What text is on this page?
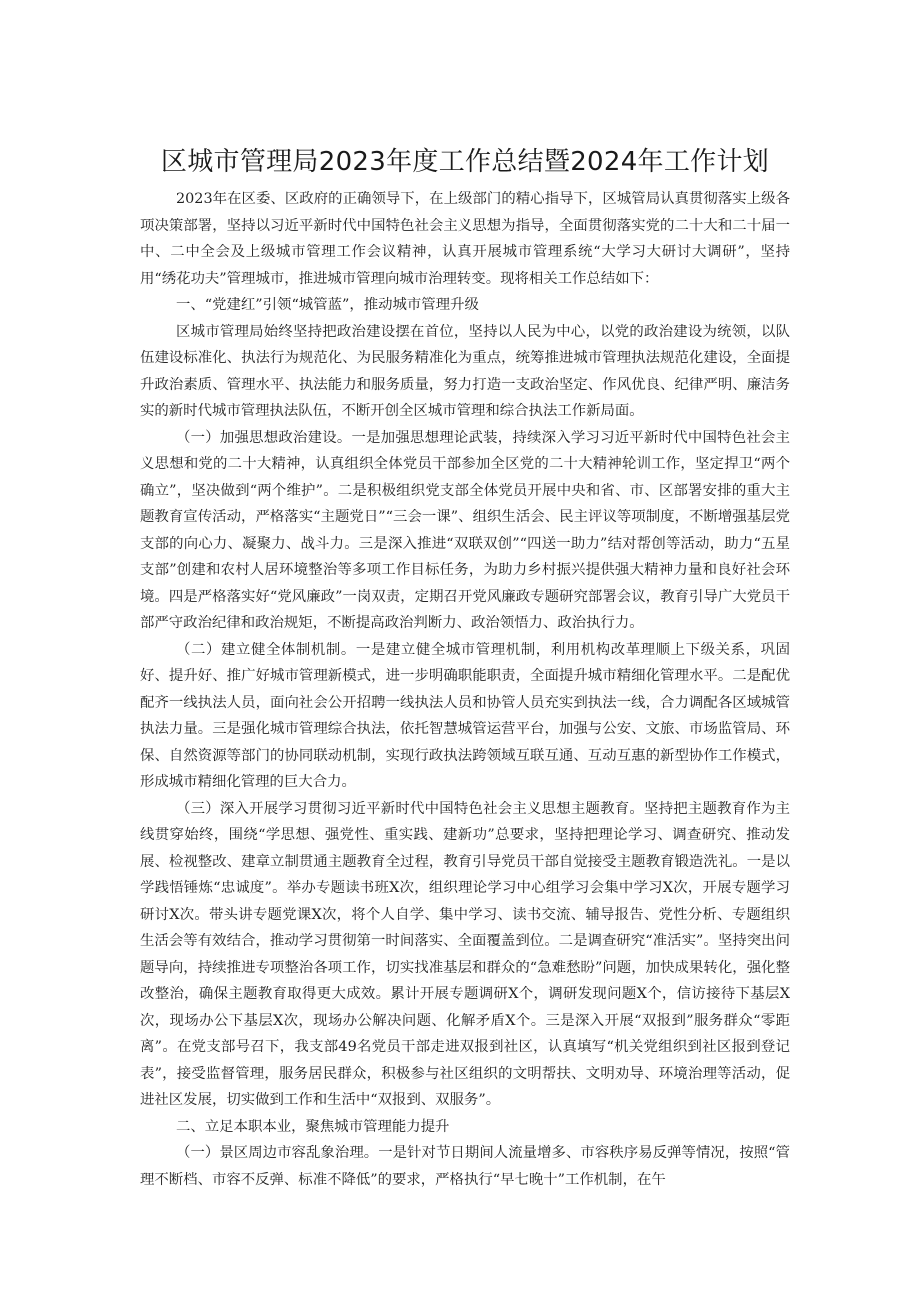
区城市管理局2023年度工作总结暨2024年工作计划

2023年在区委、区政府的正确领导下，在上级部门的精心指导下，区城管局认真贯彻落实上级各项决策部署，坚持以习近平新时代中国特色社会主义思想为指导，全面贯彻落实党的二十大和二十届一中、二中全会及上级城市管理工作会议精神，认真开展城市管理系统“大学习大研讨大调研”，坚持用“绣花功夫”管理城市，推进城市管理向城市治理转变。现将相关工作总结如下：

一、“党建红”引领“城管蓝”，推动城市管理升级

区城市管理局始终坚持把政治建设摆在首位，坚持以人民为中心，以党的政治建设为统领，以队伍建设标准化、执法行为规范化、为民服务精准化为重点，统筹推进城市管理执法规范化建设，全面提升政治素质、管理水平、执法能力和服务质量，努力打造一支政治坚定、作风优良、纪律严明、廉洁务实的新时代城市管理执法队伍，不断开创全区城市管理和综合执法工作新局面。

（一）加强思想政治建设。一是加强思想理论武装，持续深入学习习近平新时代中国特色社会主义思想和党的二十大精神，认真组织全体党员干部参加全区党的二十大精神轮训工作，坚定捍卫“两个确立”，坚决做到“两个维护”。二是积极组织党支部全体党员开展中央和省、市、区部署安排的重大主题教育宣传活动，严格落实“主题党日”“三会一课”、组织生活会、民主评议等项制度，不断增强基层党支部的向心力、凝聚力、战斗力。三是深入推进“双联双创”“四送一助力”结对帮创等活动，助力“五星支部”创建和农村人居环境整治等多项工作目标任务，为助力乡村振兴提供强大精神力量和良好社会环境。四是严格落实好“党风廉政”一岗双责，定期召开党风廉政专题研究部署会议，教育引导广大党员干部严守政治纪律和政治规矩，不断提高政治判断力、政治领悟力、政治执行力。

（二）建立健全体制机制。一是建立健全城市管理机制，利用机构改革理顺上下级关系，巩固好、提升好、推广好城市管理新模式，进一步明确职能职责，全面提升城市精细化管理水平。二是配优配齐一线执法人员，面向社会公开招聘一线执法人员和协管人员充实到执法一线，合力调配各区域城管执法力量。三是强化城市管理综合执法，依托智慧城管运营平台，加强与公安、文旅、市场监管局、环保、自然资源等部门的协同联动机制，实现行政执法跨领域互联互通、互动互惠的新型协作工作模式，形成城市精细化管理的巨大合力。

（三）深入开展学习贯彻习近平新时代中国特色社会主义思想主题教育。坚持把主题教育作为主线贯穿始终，围绕“学思想、强党性、重实践、建新功”总要求，坚持把理论学习、调查研究、推动发展、检视整改、建章立制贯通主题教育全过程，教育引导党员干部自觉接受主题教育锻造洗礼。一是以学践悟锤炼“忠诚度”。举办专题读书班X次，组织理论学习中心组学习会集中学习X次，开展专题学习研讨X次。带头讲专题党课X次，将个人自学、集中学习、读书交流、辅导报告、党性分析、专题组织生活会等有效结合，推动学习贯彻第一时间落实、全面覆盖到位。二是调查研究“准活实”。坚持突出问题导向，持续推进专项整治各项工作，切实找准基层和群众的“急难愁盼”问题，加快成果转化，强化整改整治，确保主题教育取得更大成效。累计开展专题调研X个，调研发现问题X个，信访接待下基层X次，现场办公下基层X次，现场办公解决问题、化解矛盾X个。三是深入开展“双报到”服务群众“零距离”。在党支部号召下，我支部49名党员干部走进双报到社区，认真填写“机关党组织到社区报到登记表”，接受监督管理，服务居民群众，积极参与社区组织的文明帮扶、文明劝导、环境治理等活动，促进社区发展，切实做到工作和生活中“双报到、双服务”。

二、立足本职本业，聚焦城市管理能力提升

（一）景区周边市容乱象治理。一是针对节日期间人流量增多、市容秩序易反弹等情况，按照“管理不断档、市容不反弹、标准不降低”的要求，严格执行“早七晚十”工作机制，在午
